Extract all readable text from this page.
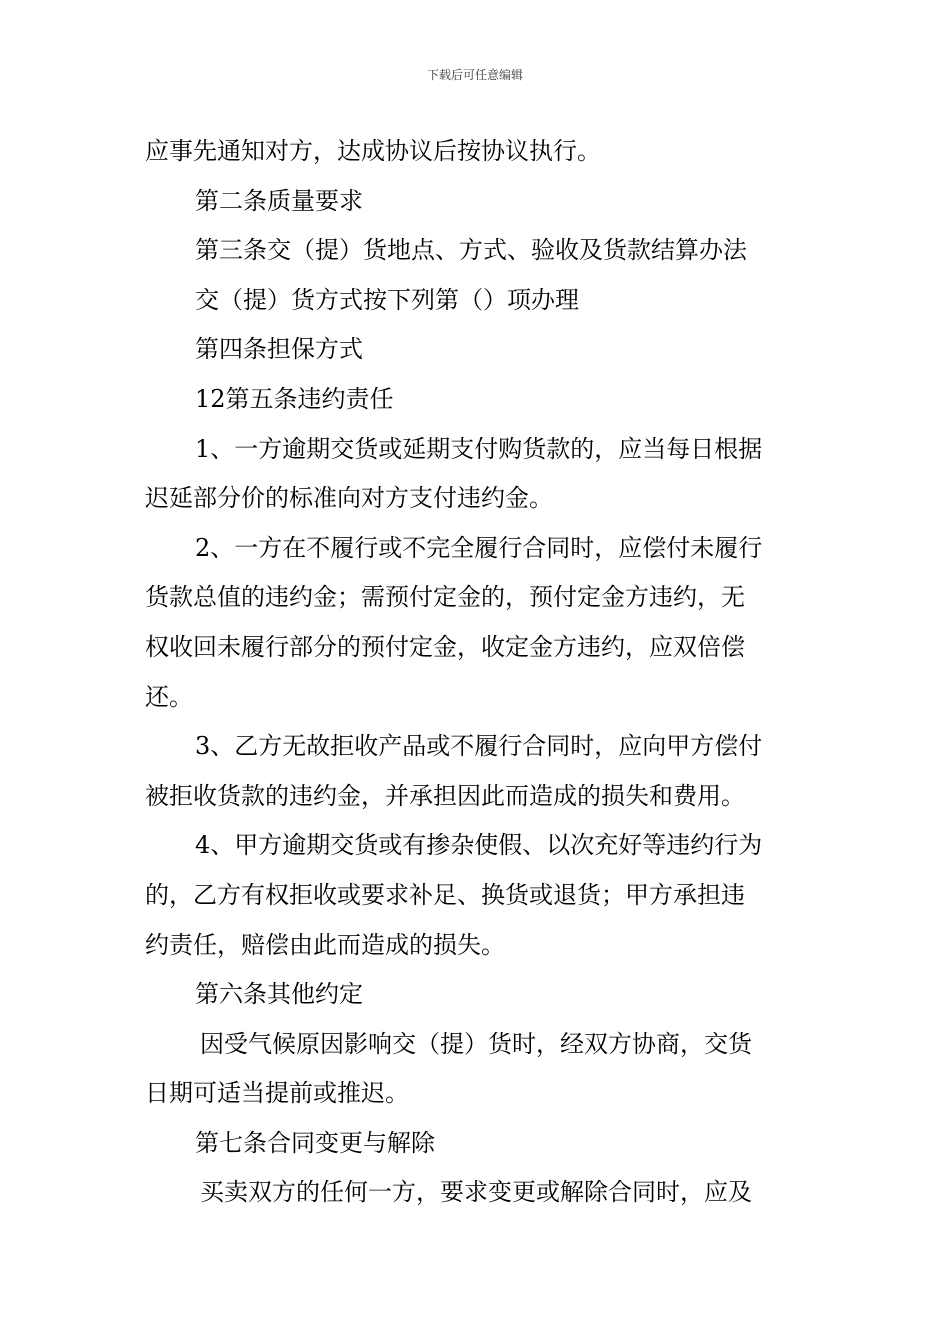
下载后可任意编辑

应事先通知对方，达成协议后按协议执行。

第二条质量要求

第三条交（提）货地点、方式、验收及货款结算办法

交（提）货方式按下列第（）项办理

第四条担保方式

12第五条违约责任

1、一方逾期交货或延期支付购货款的，应当每日根据

迟延部分价的标准向对方支付违约金。

2、一方在不履行或不完全履行合同时，应偿付未履行

货款总值的违约金；需预付定金的，预付定金方违约，无

权收回未履行部分的预付定金，收定金方违约，应双倍偿

还。

3、乙方无故拒收产品或不履行合同时，应向甲方偿付

被拒收货款的违约金，并承担因此而造成的损失和费用。

4、甲方逾期交货或有掺杂使假、以次充好等违约行为

的，乙方有权拒收或要求补足、换货或退货；甲方承担违

约责任，赔偿由此而造成的损失。

第六条其他约定

因受气候原因影响交（提）货时，经双方协商，交货

日期可适当提前或推迟。

第七条合同变更与解除

买卖双方的任何一方，要求变更或解除合同时，应及
